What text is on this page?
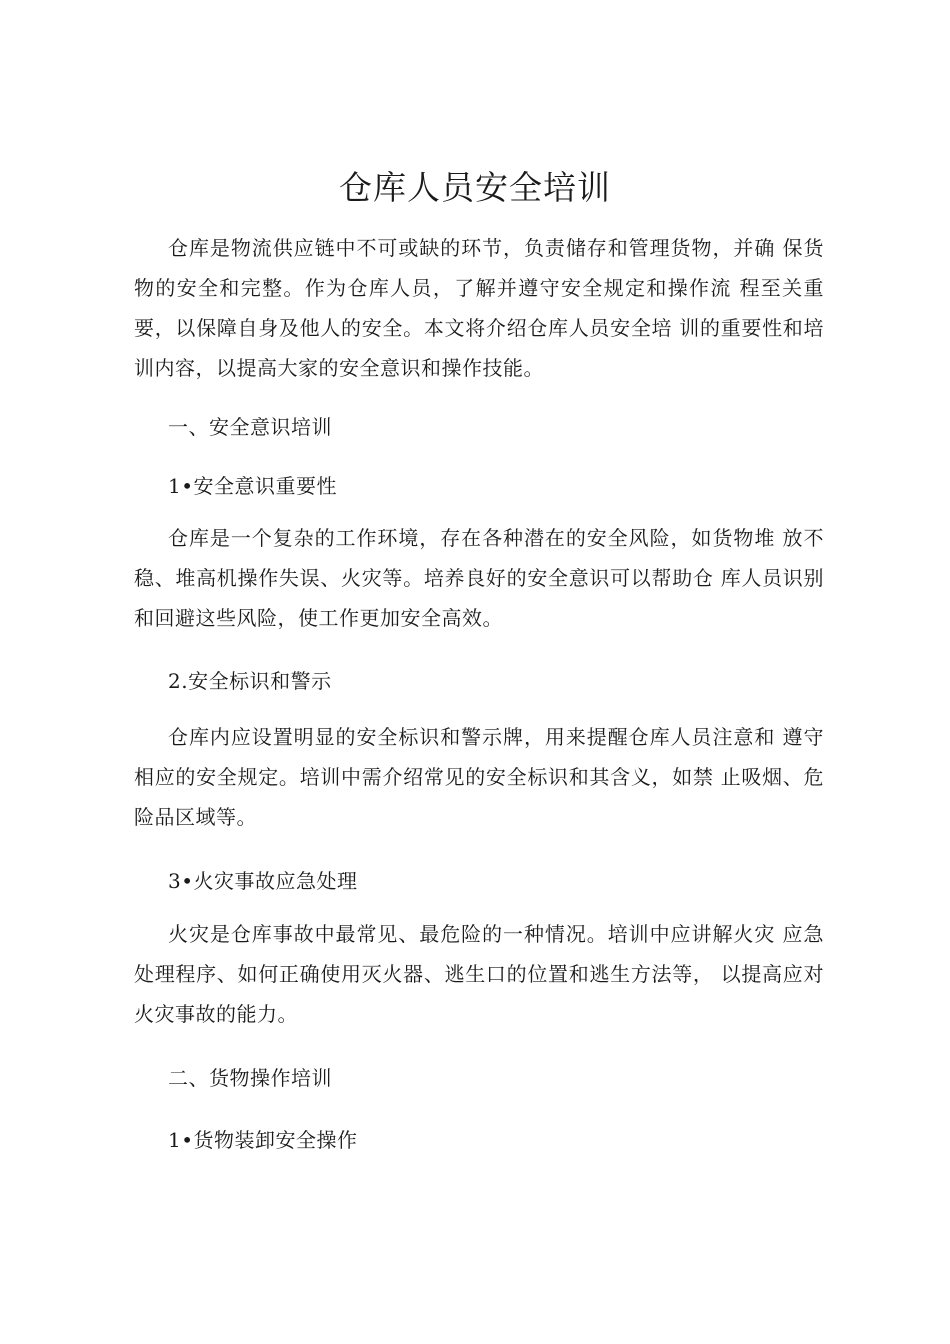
仓库人员安全培训

仓库是物流供应链中不可或缺的环节，负责储存和管理货物，并确 保货物的安全和完整。作为仓库人员，了解并遵守安全规定和操作流 程至关重要，以保障自身及他人的安全。本文将介绍仓库人员安全培 训的重要性和培训内容，以提高大家的安全意识和操作技能。

一、安全意识培训
1•安全意识重要性

仓库是一个复杂的工作环境，存在各种潜在的安全风险，如货物堆 放不稳、堆高机操作失误、火灾等。培养良好的安全意识可以帮助仓 库人员识别和回避这些风险，使工作更加安全高效。

2.安全标识和警示

仓库内应设置明显的安全标识和警示牌，用来提醒仓库人员注意和 遵守相应的安全规定。培训中需介绍常见的安全标识和其含义，如禁 止吸烟、危险品区域等。

3•火灾事故应急处理

火灾是仓库事故中最常见、最危险的一种情况。培训中应讲解火灾 应急处理程序、如何正确使用灭火器、逃生口的位置和逃生方法等， 以提高应对火灾事故的能力。

二、货物操作培训
1•货物装卸安全操作
